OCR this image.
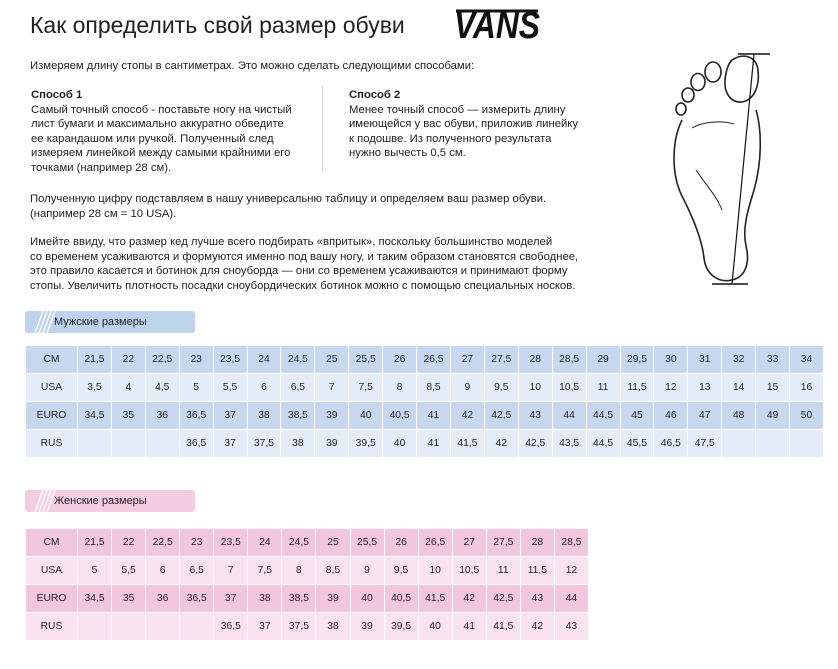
Как определить свой размер обуви VANS
Измеряем длину стопы в сантиметрах. Это можно сделать следующими способами:
Способ 1
Самый точный способ - поставьте ногу на чистый
лист бумаги и максимально аккуратно обведите
ее карандашом или ручкой. Полученный след
измеряем линейкой между самыми крайними его
точками (например 28 см).
Способ 2
Менее точный способ — измерить длину
имеющейся у вас обуви, приложив линейку
к подошве. Из полученного результата
нужно вычесть 0,5 см.
Полученную цифру подставляем в нашу универсальню таблицу и определяем ваш размер обуви.
(например 28 см = 10 USA).
Имейте ввиду, что размер кед лучше всего подбирать «впритык», поскольку большинство моделей
со временем усаживаются и формуются именно под вашу ногу, и таким образом становятся свободнее,
это правило касается и ботинок для сноуборда — они со временем усаживаются и принимают форму
стопы. Увеличить плотность посадки сноубордических ботинок можно с помощью специальных носков.
Мужские размеры
CM	21,5	22	22,5	23	23,5	24	24,5	25	25,5	26	26,5	27	27,5	28	28,5	29	29,5	30	31	32	33	34
USA	3,5	4	4,5	5	5,5	6	6,5	7	7,5	8	8,5	9	9,5	10	10,5	11	11,5	12	13	14	15	16
EURO	34,5	35	36	36,5	37	38	38,5	39	40	40,5	41	42	42,5	43	44	44,5	45	46	47	48	49	50
RUS				36,5	37	37,5	38	39	39,5	40	41	41,5	42	42,5	43,5	44,5	45,5	46,5	47,5			
Женские размеры
CM	21,5	22	22,5	23	23,5	24	24,5	25	25,5	26	26,5	27	27,5	28	28,5
USA	5	5,5	6	6,5	7	7,5	8	8,5	9	9,5	10	10,5	11	11,5	12
EURO	34,5	35	36	36,5	37	38	38,5	39	40	40,5	41,5	42	42,5	43	44
RUS					36,5	37	37,5	38	39	39,5	40	41	41,5	42	43
